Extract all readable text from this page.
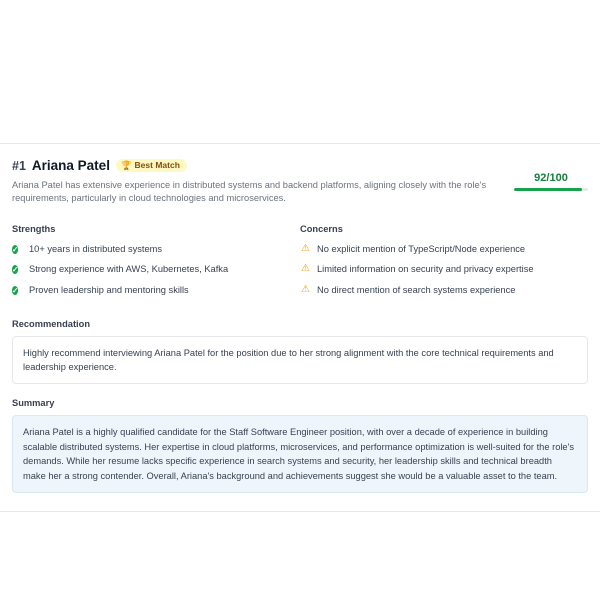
#1 Ariana Patel 🏆 Best Match
Ariana Patel has extensive experience in distributed systems and backend platforms, aligning closely with the role's requirements, particularly in cloud technologies and microservices.
92/100
Strengths
✓	10+ years in distributed systems
✓	Strong experience with AWS, Kubernetes, Kafka
✓	Proven leadership and mentoring skills
Concerns
⚠ No explicit mention of TypeScript/Node experience
⚠ Limited information on security and privacy expertise
⚠ No direct mention of search systems experience
Recommendation
Highly recommend interviewing Ariana Patel for the position due to her strong alignment with the core technical requirements and leadership experience.
Summary
Ariana Patel is a highly qualified candidate for the Staff Software Engineer position, with over a decade of experience in building scalable distributed systems. Her expertise in cloud platforms, microservices, and performance optimization is well-suited for the role's demands. While her resume lacks specific experience in search systems and security, her leadership skills and technical breadth make her a strong contender. Overall, Ariana's background and achievements suggest she would be a valuable asset to the team.
